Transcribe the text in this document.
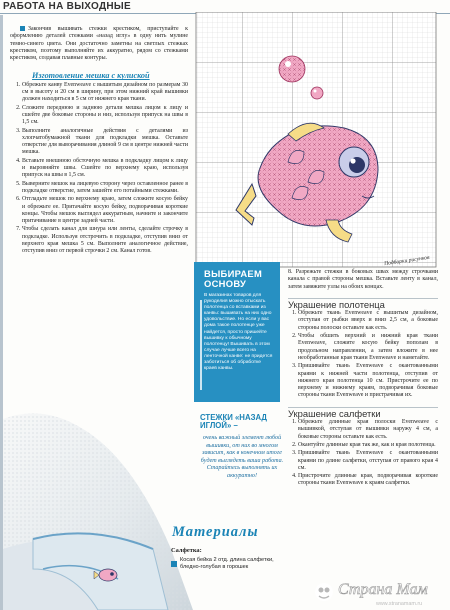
РАБОТА НА ВЫХОДНЫЕ

Закончив вышивать стежки крестиком, приступайте к оформлению деталей стежками «назад иглу» в одну нить мулине темно-синего цвета. Они достаточно заметны на светлых стежках крестиком, поэтому выполняйте их аккуратно, рядом со стежками крестиком, создавая плавные контуры.

Изготовление мешка с кулиской
1. Обрежьте канву Evenweave с вышитым дизайном по размерам 30 см в высоту и 20 см в ширину, при этом нижний край вышивки должен находиться в 5 см от нижнего края ткани.
2. Сложите переднюю и заднюю детали мешка лицом к лицу и сшейте две боковые стороны и низ, используя припуск на швы в 1,5 см.
3. Выполните аналогичные действия с деталями из хлопчатобумажной ткани для подкладки мешка. Оставьте отверстие для выворачивания длиной 9 см в центре нижней части мешка.
4. Вставьте внешнюю обсточную мешка в подкладку лицом к лицу и выровняйте швы. Сшейте по верхнему краю, используя припуск на швы в 1,5 см.
5. Выверните мешок на лицевую сторону через оставленное ранее в подкладке отверстие, затем зашейте его потайными стежками.
6. Отгладьте мешок по верхнему краю, затем сложите косую бейку и обрежьте ее. Притачайте косую бейку, подворачивая короткие концы. Чтобы мешок выглядел аккуратным, начните и закончите притачивание в центре задней части.
7. Чтобы сделать канал для шнура или ленты, сделайте строчку в подкладке. Используя отстрочить в подкладке, отступив вниз от верхнего края мешка 5 см. Выполните аналогичное действие, отступив вниз от первой строчки 2 см. Канал готов.
Подборки рисунков
ВЫБИРАЕМ
ОСНОВУ
В магазинах товаров для рукоделия можно отыскать полотенца со вставками из канвы: вышивать на них одно удовольствие. Но если у вас дома такое полотенце уже найдется, просто пришейте вышивку к обычному полотенцу! Вышивать в этом случае лучше всего на ленточной канве: не придется заботиться об обработке краев канвы.
8. Разрежьте стежки в боковых швах между строчками канала с правой стороны мешка. Вставьте ленту в канал, затем завяжите узлы на обоих концах.
Украшение полотенца
1. Обрежьте ткань Evenweave с вышитым дизайном, отступая от рыбки вверх и вниз 2,5 см, а боковые стороны полоски оставьте как есть.
2. Чтобы обшить верхний и нижний края ткани Evenweave, сложите косую бейку пополам в продольном направлении, а затем вложите в нее необработанные края ткани Evenweave и наметайте.
3. Пришивайте ткань Evenweave с окантованными краями к нижней части полотенца, отступив от нижнего края полотенца 10 см. Пристрочите ее по верхнему и нижнему краям, подворачивая боковые стороны ткани Evenweave и пристрачивая их.
Украшение салфетки
1. Обрежьте длинные края полоски Evenweave с вышивкой, отступая от вышивки наружу 4 см, а боковые стороны оставьте как есть.
2. Окантуйте длинные края так же, как и края полотенца.
3. Пришивайте ткань Evenweave с окантованными краями по длине салфетки, отступая от правого края 4 см.
4. Пристрочите длинные края, подворачивая короткие стороны ткани Evenweave к краям салфетки.
СТЕЖКИ «НАЗАД
ИГЛОЙ» –
очень важный элемент любой вышивки, от них во многом зависит, как в конечном итоге будет выглядеть ваша работа. Старайтесь выполнять их аккуратно!
Материалы
Салфетка:
Косая бейка 2 отд. длина салфетки, бледно-голубая в горошек
Страна Мам
www.stranamam.ru
